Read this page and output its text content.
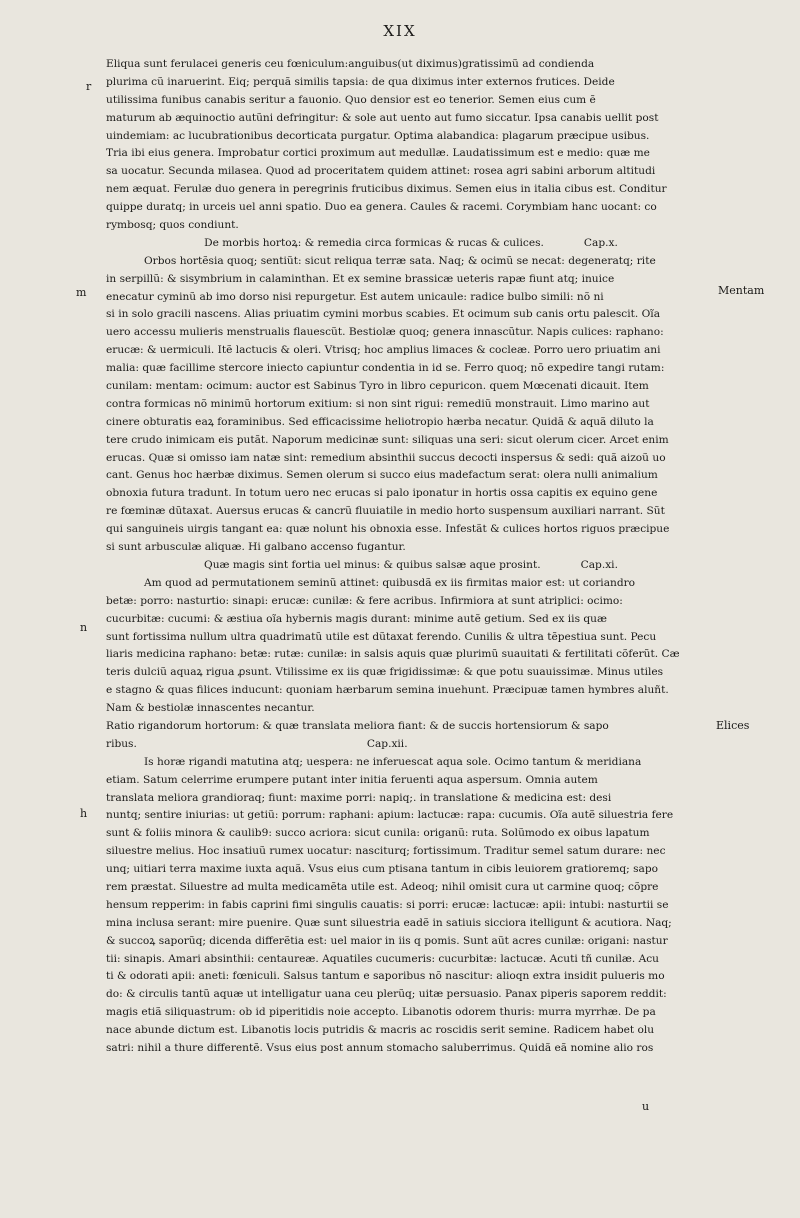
XIX
r
m
n
h
Mentam
Elices
Eliqua sunt ferulacei generis ceu fœniculum:anguibus(ut diximus)gratissimũ ad condienda
plurima cũ inaruerint. Eiq; perquã similis tapsia: de qua diximus inter externos frutices. Deide
utilissima funibus canabis seritur a fauonio. Quo densior est eo tenerior. Semen eius cum ẽ
maturum ab æquinoctio autũni defringitur: & sole aut uento aut fumo siccatur. Ipsa canabis uellit post
uindemiam: ac lucubrationibus decorticata purgatur. Optima alabandica: plagarum præcipue usibus.
Tria ibi eius genera. Improbatur cortici proximum aut medullæ. Laudatissimum est e medio: quæ me
sa uocatur. Secunda milasea. Quod ad proceritatem quidem attinet: rosea agri sabini arborum altitudi
nem æquat. Ferulæ duo genera in peregrinis fruticibus diximus. Semen eius in italia cibus est. Conditur
quippe duratq; in urceis uel anni spatio. Duo ea genera. Caules & racemi. Corymbiam hanc uocant: co
rymbosq; quos condiunt.
De morbis hortoꝝ: & remedia circa formicas & rucas & culices.	Cap.x.
Orbos hortẽsia quoq; sentiũt: sicut reliqua terræ sata. Naq; & ocimũ se necat: degeneratq; rite
in serpillũ: & sisymbrium in calaminthan. Et ex semine brassicæ ueteris rapæ fiunt atq; inuice
enecatur cyminũ ab imo dorso nisi repurgetur. Est autem unicaule: radice bulbo simili: nõ ni
si in solo gracili nascens. Alias priuatim cymini morbus scabies. Et ocimum sub canis ortu palescit. Oĩa
uero accessu mulieris menstrualis flauescũt. Bestiolæ quoq; genera innascũtur. Napis culices: raphano:
erucæ: & uermiculi. Itẽ lactucis & oleri. Vtrisq; hoc amplius limaces & cocleæ. Porro uero priuatim ani
malia: quæ facillime stercore iniecto capiuntur condentia in id se. Ferro quoq; nõ expedire tangi rutam:
cunilam: mentam: ocimum: auctor est Sabinus Tyro in libro cepuricon. quem Mœcenati dicauit. Item
contra formicas nõ minimũ hortorum exitium: si non sint rigui: remediũ monstrauit. Limo marino aut
cinere obturatis eaꝝ foraminibus. Sed efficacissime heliotropio hærba necatur. Quidã & aquã diluto la
tere crudo inimicam eis putãt. Naporum medicinæ sunt: siliquas una seri: sicut olerum cicer. Arcet enim
erucas. Quæ si omisso iam natæ sint: remedium absinthii succus decocti inspersus & sedi: quã aizoũ uo
cant. Genus hoc hærbæ diximus. Semen olerum si succo eius madefactum serat: olera nulli animalium
obnoxia futura tradunt. In totum uero nec erucas si palo iponatur in hortis ossa capitis ex equino gene
re fœminæ dũtaxat. Auersus erucas & cancrũ fluuiatile in medio horto suspensum auxiliari narrant. Sũt
qui sanguineis uirgis tangant ea: quæ nolunt his obnoxia esse. Infestãt & culices hortos riguos præcipue
si sunt arbusculæ aliquæ. Hi galbano accenso fugantur.
Quæ magis sint fortia uel minus: & quibus salsæ aque prosint.	Cap.xi.
Am quod ad permutationem seminũ attinet: quibusdã ex iis firmitas maior est: ut coriandro
betæ: porro: nasturtio: sinapi: erucæ: cunilæ: & fere acribus. Infirmiora at sunt atriplici: ocimo:
cucurbitæ: cucumi: & æstiua oĩa hybernis magis durant: minime autẽ getium. Sed ex iis quæ
sunt fortissima nullum ultra quadrimatũ utile est dũtaxat ferendo. Cunilis & ultra tẽpestiua sunt. Pecu
liaris medicina raphano: betæ: rutæ: cunilæ: in salsis aquis quæ plurimũ suauitati & fertilitati cõferũt. Cæ
teris dulciũ aquaꝝ rigua ꝓsunt. Vtilissime ex iis quæ frigidissimæ: & que potu suauissimæ. Minus utiles
e stagno & quas filices inducunt: quoniam hærbarum semina inuehunt. Præcipuæ tamen hymbres aluñt.
Nam & bestiolæ innascentes necantur.
Ratio rigandorum hortorum: & quæ translata meliora fiant: & de succis hortensiorum & sapo
ribus.	Cap.xii.
Is horæ rigandi matutina atq; uespera: ne inferuescat aqua sole. Ocimo tantum & meridiana
etiam. Satum celerrime erumpere putant inter initia feruenti aqua aspersum. Omnia autem
translata meliora grandioraq; fiunt: maxime porri: napiq;. in translatione & medicina est: desi
nuntq; sentire iniurias: ut getiũ: porrum: raphani: apium: lactucæ: rapa: cucumis. Oĩa autẽ siluestria fere
sunt & foliis minora & caulib9: succo acriora: sicut cunila: origanũ: ruta. Solũmodo ex oibus lapatum
siluestre melius. Hoc insatiuũ rumex uocatur: nasciturq; fortissimum. Traditur semel satum durare: nec
unq; uitiari terra maxime iuxta aquã. Vsus eius cum ptisana tantum in cibis leuiorem gratioremq; sapo
rem præstat. Siluestre ad multa medicamẽta utile est. Adeoq; nihil omisit cura ut carmine quoq; cõpre
hensum repperim: in fabis caprini fimi singulis cauatis: si porri: erucæ: lactucæ: apii: intubi: nasturtii se
mina inclusa serant: mire puenire. Quæ sunt siluestria eadẽ in satiuis sicciora itelligunt & acutiora. Naq;
& succoꝝ saporũq; dicenda differẽtia est: uel maior in iis q pomis. Sunt aũt acres cunilæ: origani: nastur
tii: sinapis. Amari absinthii: centaureæ. Aquatiles cucumeris: cucurbitæ: lactucæ. Acuti tñ cunilæ. Acu
ti & odorati apii: aneti: fœniculi. Salsus tantum e saporibus nõ nascitur: alioqn extra insidit pulueris mo
do: & circulis tantũ aquæ ut intelligatur uana ceu plerũq; uitæ persuasio. Panax piperis saporem reddit:
magis etiã siliquastrum: ob id piperitidis noie accepto. Libanotis odorem thuris: murra myrrhæ. De pa
nace abunde dictum est. Libanotis locis putridis & macris ac roscidis serit semine. Radicem habet olu
satri: nihil a thure differentẽ. Vsus eius post annum stomacho saluberrimus. Quidã eã nomine alio ros
u
